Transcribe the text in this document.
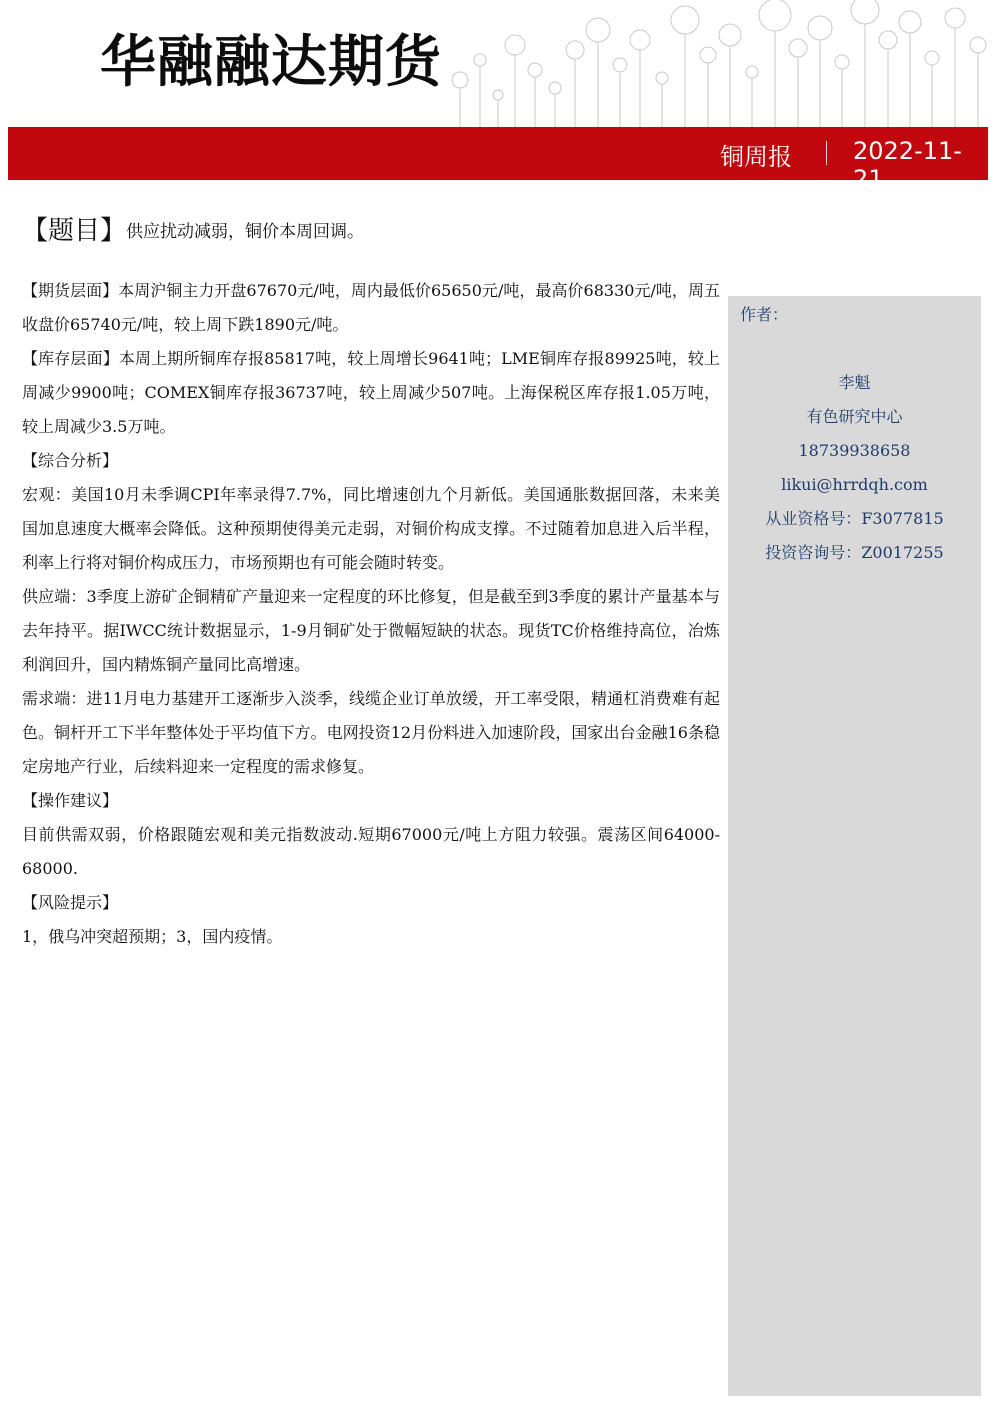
华融融达期货
铜周报	2022-11-21
【题目】供应扰动减弱，铜价本周回调。

【期货层面】本周沪铜主力开盘67670元/吨，周内最低价65650元/吨，最高价68330元/吨，周五收盘价65740元/吨，较上周下跌1890元/吨。

【库存层面】本周上期所铜库存报85817吨，较上周增长9641吨；LME铜库存报89925吨，较上周减少9900吨；COMEX铜库存报36737吨，较上周减少507吨。上海保税区库存报1.05万吨，较上周减少3.5万吨。

【综合分析】

宏观：美国10月未季调CPI年率录得7.7%，同比增速创九个月新低。美国通胀数据回落，未来美国加息速度大概率会降低。这种预期使得美元走弱，对铜价构成支撑。不过随着加息进入后半程，利率上行将对铜价构成压力，市场预期也有可能会随时转变。

供应端：3季度上游矿企铜精矿产量迎来一定程度的环比修复，但是截至到3季度的累计产量基本与去年持平。据IWCC统计数据显示，1-9月铜矿处于微幅短缺的状态。现货TC价格维持高位，冶炼利润回升，国内精炼铜产量同比高增速。

需求端：进11月电力基建开工逐渐步入淡季，线缆企业订单放缓，开工率受限，精通杠消费难有起色。铜杆开工下半年整体处于平均值下方。电网投资12月份料进入加速阶段，国家出台金融16条稳定房地产行业，后续料迎来一定程度的需求修复。

【操作建议】

目前供需双弱，价格跟随宏观和美元指数波动.短期67000元/吨上方阻力较强。震荡区间64000-68000.

【风险提示】

1，俄乌冲突超预期；3，国内疫情。

作者：
李魁
有色研究中心
18739938658
likui@hrrdqh.com
从业资格号：F3077815
投资咨询号：Z0017255
